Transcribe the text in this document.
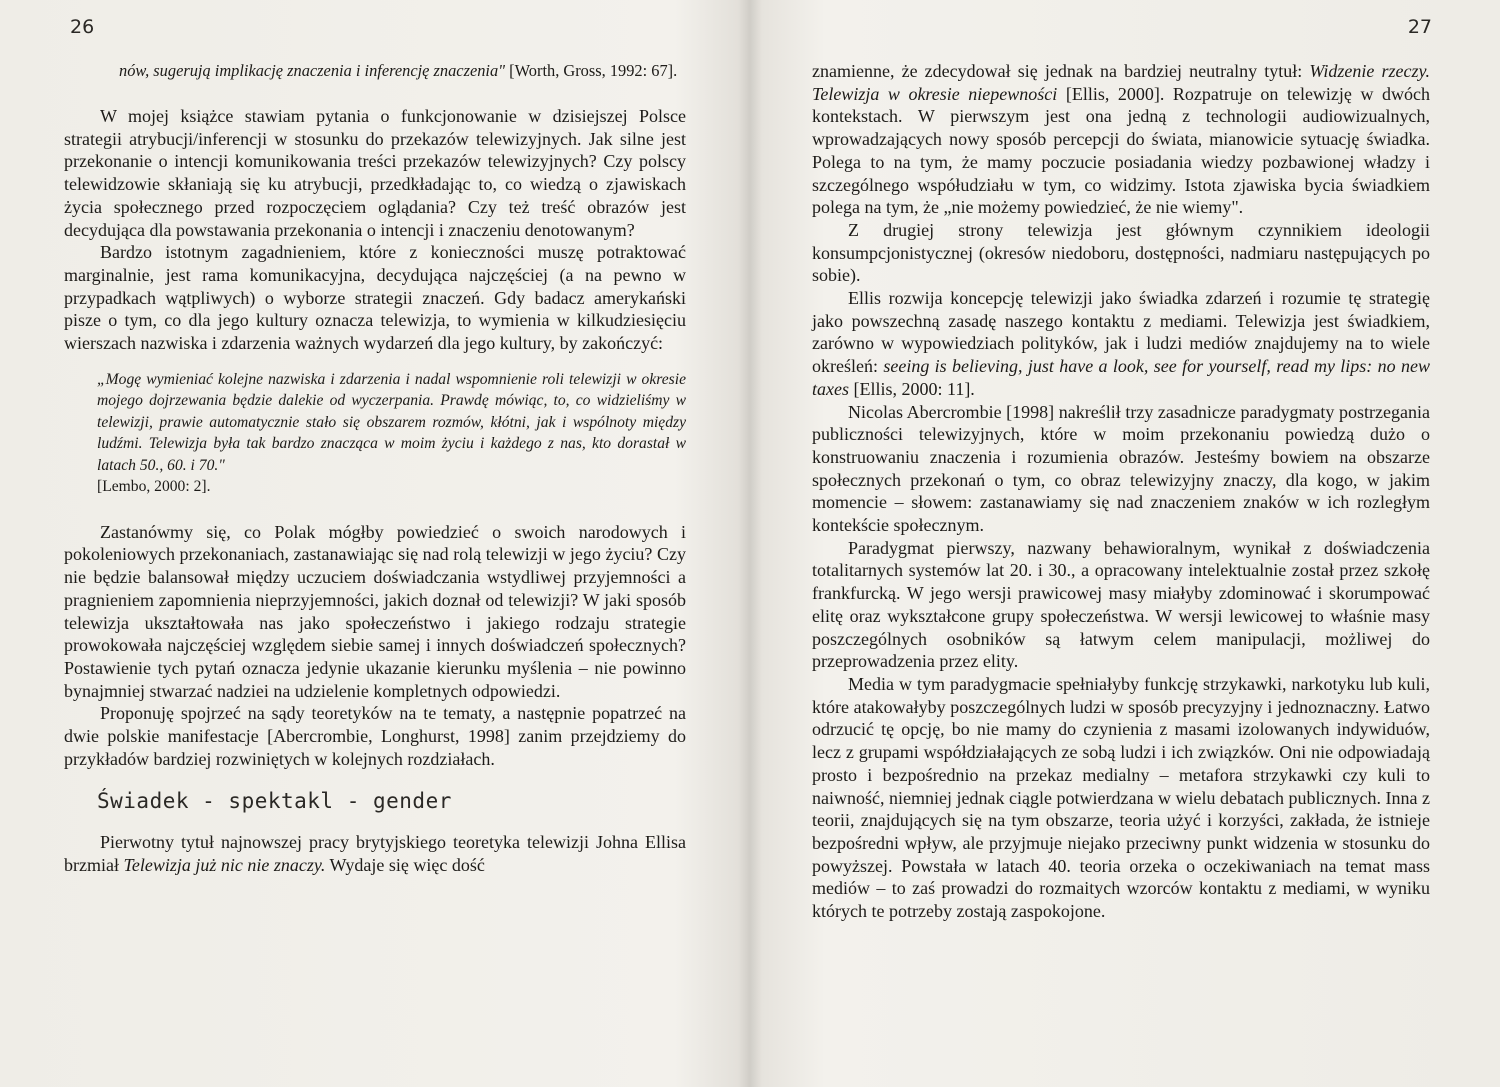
26

nów, sugerują implikację znaczenia i inferencję znaczenia" [Worth, Gross, 1992: 67].

W mojej książce stawiam pytania o funkcjonowanie w dzisiejszej Polsce strategii atrybucji/inferencji w stosunku do przekazów telewizyjnych. Jak silne jest przekonanie o intencji komunikowania treści przekazów telewizyjnych? Czy polscy telewidzowie skłaniają się ku atrybucji, przedkładając to, co wiedzą o zjawiskach życia społecznego przed rozpoczęciem oglądania? Czy też treść obrazów jest decydująca dla powstawania przekonania o intencji i znaczeniu denotowanym?

Bardzo istotnym zagadnieniem, które z konieczności muszę potraktować marginalnie, jest rama komunikacyjna, decydująca najczęściej (a na pewno w przypadkach wątpliwych) o wyborze strategii znaczeń. Gdy badacz amerykański pisze o tym, co dla jego kultury oznacza telewizja, to wymienia w kilkudziesięciu wierszach nazwiska i zdarzenia ważnych wydarzeń dla jego kultury, by zakończyć:

„Mogę wymieniać kolejne nazwiska i zdarzenia i nadal wspomnienie roli telewizji w okresie mojego dojrzewania będzie dalekie od wyczerpania. Prawdę mówiąc, to, co widzieliśmy w telewizji, prawie automatycznie stało się obszarem rozmów, kłótni, jak i wspólnoty między ludźmi. Telewizja była tak bardzo znacząca w moim życiu i każdego z nas, kto dorastał w latach 50., 60. i 70."
[Lembo, 2000: 2].

Zastanówmy się, co Polak mógłby powiedzieć o swoich narodowych i pokoleniowych przekonaniach, zastanawiając się nad rolą telewizji w jego życiu? Czy nie będzie balansował między uczuciem doświadczania wstydliwej przyjemności a pragnieniem zapomnienia nieprzyjemności, jakich doznał od telewizji? W jaki sposób telewizja ukształtowała nas jako społeczeństwo i jakiego rodzaju strategie prowokowała najczęściej względem siebie samej i innych doświadczeń społecznych? Postawienie tych pytań oznacza jedynie ukazanie kierunku myślenia – nie powinno bynajmniej stwarzać nadziei na udzielenie kompletnych odpowiedzi.

Proponuję spojrzeć na sądy teoretyków na te tematy, a następnie popatrzeć na dwie polskie manifestacje [Abercrombie, Longhurst, 1998] zanim przejdziemy do przykładów bardziej rozwiniętych w kolejnych rozdziałach.

Świadek - spektakl - gender

Pierwotny tytuł najnowszej pracy brytyjskiego teoretyka telewizji Johna Ellisa brzmiał Telewizja już nic nie znaczy. Wydaje się więc dość

27

znamienne, że zdecydował się jednak na bardziej neutralny tytuł: Widzenie rzeczy. Telewizja w okresie niepewności [Ellis, 2000]. Rozpatruje on telewizję w dwóch kontekstach. W pierwszym jest ona jedną z technologii audiowizualnych, wprowadzających nowy sposób percepcji do świata, mianowicie sytuację świadka. Polega to na tym, że mamy poczucie posiadania wiedzy pozbawionej władzy i szczególnego współudziału w tym, co widzimy. Istota zjawiska bycia świadkiem polega na tym, że „nie możemy powiedzieć, że nie wiemy".

Z drugiej strony telewizja jest głównym czynnikiem ideologii konsumpcjonistycznej (okresów niedoboru, dostępności, nadmiaru następujących po sobie).

Ellis rozwija koncepcję telewizji jako świadka zdarzeń i rozumie tę strategię jako powszechną zasadę naszego kontaktu z mediami. Telewizja jest świadkiem, zarówno w wypowiedziach polityków, jak i ludzi mediów znajdujemy na to wiele określeń: seeing is believing, just have a look, see for yourself, read my lips: no new taxes [Ellis, 2000: 11].

Nicolas Abercrombie [1998] nakreślił trzy zasadnicze paradygmaty postrzegania publiczności telewizyjnych, które w moim przekonaniu powiedzą dużo o konstruowaniu znaczenia i rozumienia obrazów. Jesteśmy bowiem na obszarze społecznych przekonań o tym, co obraz telewizyjny znaczy, dla kogo, w jakim momencie – słowem: zastanawiamy się nad znaczeniem znaków w ich rozległym kontekście społecznym.

Paradygmat pierwszy, nazwany behawioralnym, wynikał z doświadczenia totalitarnych systemów lat 20. i 30., a opracowany intelektualnie został przez szkołę frankfurcką. W jego wersji prawicowej masy miałyby zdominować i skorumpować elitę oraz wykształcone grupy społeczeństwa. W wersji lewicowej to właśnie masy poszczególnych osobników są łatwym celem manipulacji, możliwej do przeprowadzenia przez elity.

Media w tym paradygmacie spełniałyby funkcję strzykawki, narkotyku lub kuli, które atakowałyby poszczególnych ludzi w sposób precyzyjny i jednoznaczny. Łatwo odrzucić tę opcję, bo nie mamy do czynienia z masami izolowanych indywiduów, lecz z grupami współdziałających ze sobą ludzi i ich związków. Oni nie odpowiadają prosto i bezpośrednio na przekaz medialny – metafora strzykawki czy kuli to naiwność, niemniej jednak ciągle potwierdzana w wielu debatach publicznych. Inna z teorii, znajdujących się na tym obszarze, teoria użyć i korzyści, zakłada, że istnieje bezpośredni wpływ, ale przyjmuje niejako przeciwny punkt widzenia w stosunku do powyższej. Powstała w latach 40. teoria orzeka o oczekiwaniach na temat mass mediów – to zaś prowadzi do rozmaitych wzorców kontaktu z mediami, w wyniku których te potrzeby zostają zaspokojone.
